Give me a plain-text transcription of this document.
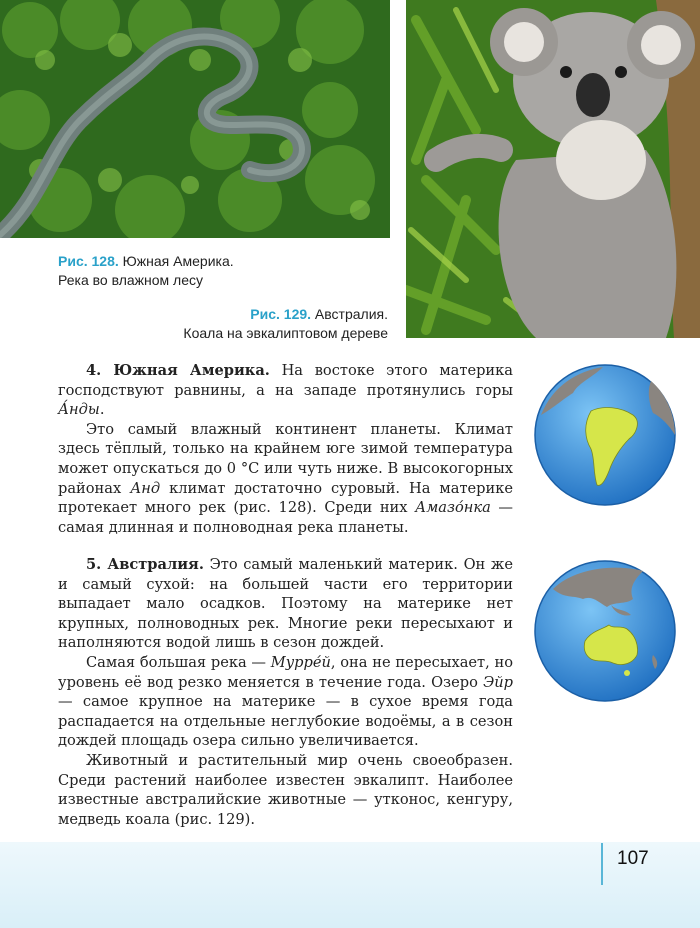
Рис. 128. Южная Америка.
Река во влажном лесу
Рис. 129. Австралия.
Коала на эвкалиптовом дереве

4. Южная Америка. На востоке этого материка господствуют равнины, а на западе протянулись горы А́нды.

Это самый влажный континент планеты. Климат здесь тёплый, только на крайнем юге зимой температура может опускаться до 0 °С или чуть ниже. В высокогорных районах Анд климат достаточно суровый. На материке протекает много рек (рис. 128). Среди них Амазо́нка — самая длинная и полноводная река планеты.

5. Австралия. Это самый маленький материк. Он же и самый сухой: на большей части его территории выпадает мало осадков. Поэтому на материке нет крупных, полноводных рек. Многие реки пересыхают и наполняются водой лишь в сезон дождей.

Самая большая река — Мурре́й, она не пересыхает, но уровень её вод резко меняется в течение года. Озеро Эйр — самое крупное на материке — в сухое время года распадается на отдельные неглубокие водоёмы, а в сезон дождей площадь озера сильно увеличивается.

Животный и растительный мир очень своеобразен. Среди растений наиболее известен эвкалипт. Наиболее известные австралийские животные — утконос, кенгуру, медведь коала (рис. 129).

107
